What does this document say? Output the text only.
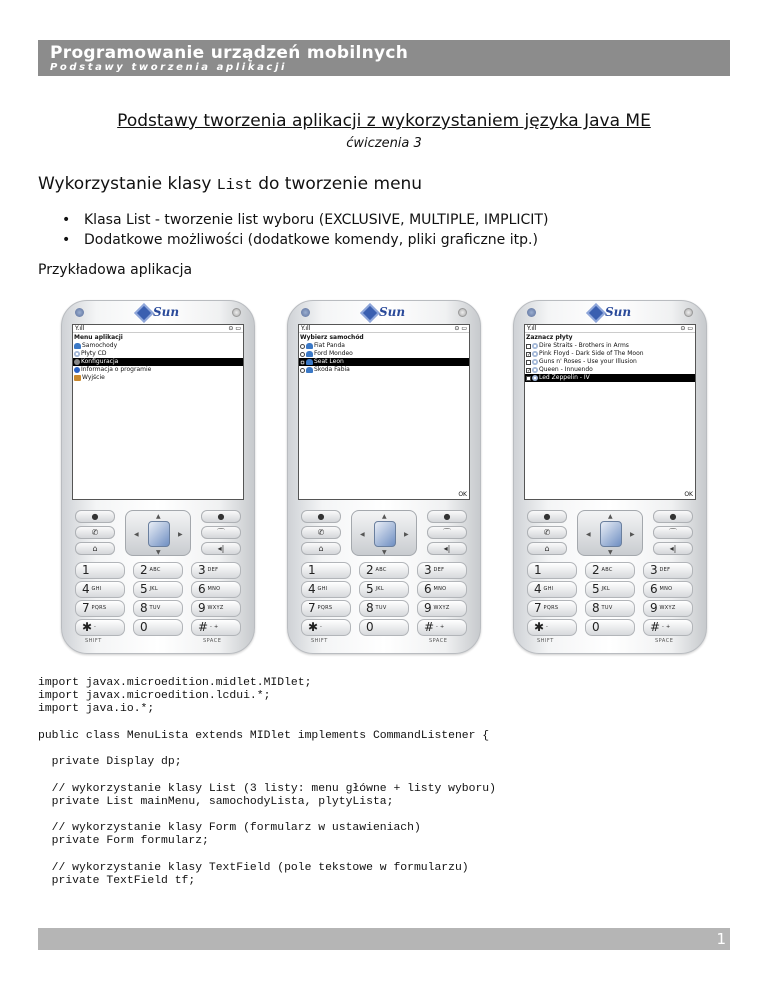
Programowanie urządzeń mobilnych
Podstawy tworzenia aplikacji
Podstawy tworzenia aplikacji z wykorzystaniem języka Java ME
ćwiczenia 3
Wykorzystanie klasy List do tworzenie menu
• Klasa List - tworzenie list wyboru (EXCLUSIVE, MULTIPLE, IMPLICIT)
• Dodatkowe możliwości (dodatkowe komendy, pliki graficzne itp.)
Przykładowa aplikacja
Sun
Y.ıll	⊙ ▭
Menu aplikacji
Samochody
Płyty CD
Konfiguracja
Informacja o programie
Wyjście
●	●
✆	⌒
⌂	◂|
▲
▼
◀	▶
1	2 ABC	3 DEF
4 GHI	5 JKL	6 MNO
7 PQRS	8 TUV	9 WXYZ
✱ -	0	# - +
SHIFT	SPACE
Sun
Y.ıll	⊙ ▭
Wybierz samochód
Fiat Panda
Ford Mondeo
Seat Leon
Skoda Fabia
OK
●	●
✆	⌒
⌂	◂|
▲
▼
◀	▶
1	2 ABC	3 DEF
4 GHI	5 JKL	6 MNO
7 PQRS	8 TUV	9 WXYZ
✱ -	0	# - +
SHIFT	SPACE
Sun
Y.ıll	⊙ ▭
Zaznacz płyty
Dire Straits - Brothers in Arms
✓ Pink Floyd - Dark Side of The Moon
Guns n' Roses - Use your Illusion
✓ Queen - Innuendo
✓ Led Zeppelin - IV
OK
●	●
✆	⌒
⌂	◂|
▲
▼
◀	▶
1	2 ABC	3 DEF
4 GHI	5 JKL	6 MNO
7 PQRS	8 TUV	9 WXYZ
✱ -	0	# - +
SHIFT	SPACE
import javax.microedition.midlet.MIDlet;
import javax.microedition.lcdui.*;
import java.io.*;

public class MenuLista extends MIDlet implements CommandListener {

private Display dp;

// wykorzystanie klasy List (3 listy: menu główne + listy wyboru)
private List mainMenu, samochodyLista, plytyLista;

// wykorzystanie klasy Form (formularz w ustawieniach)
private Form formularz;

// wykorzystanie klasy TextField (pole tekstowe w formularzu)
private TextField tf;
1
